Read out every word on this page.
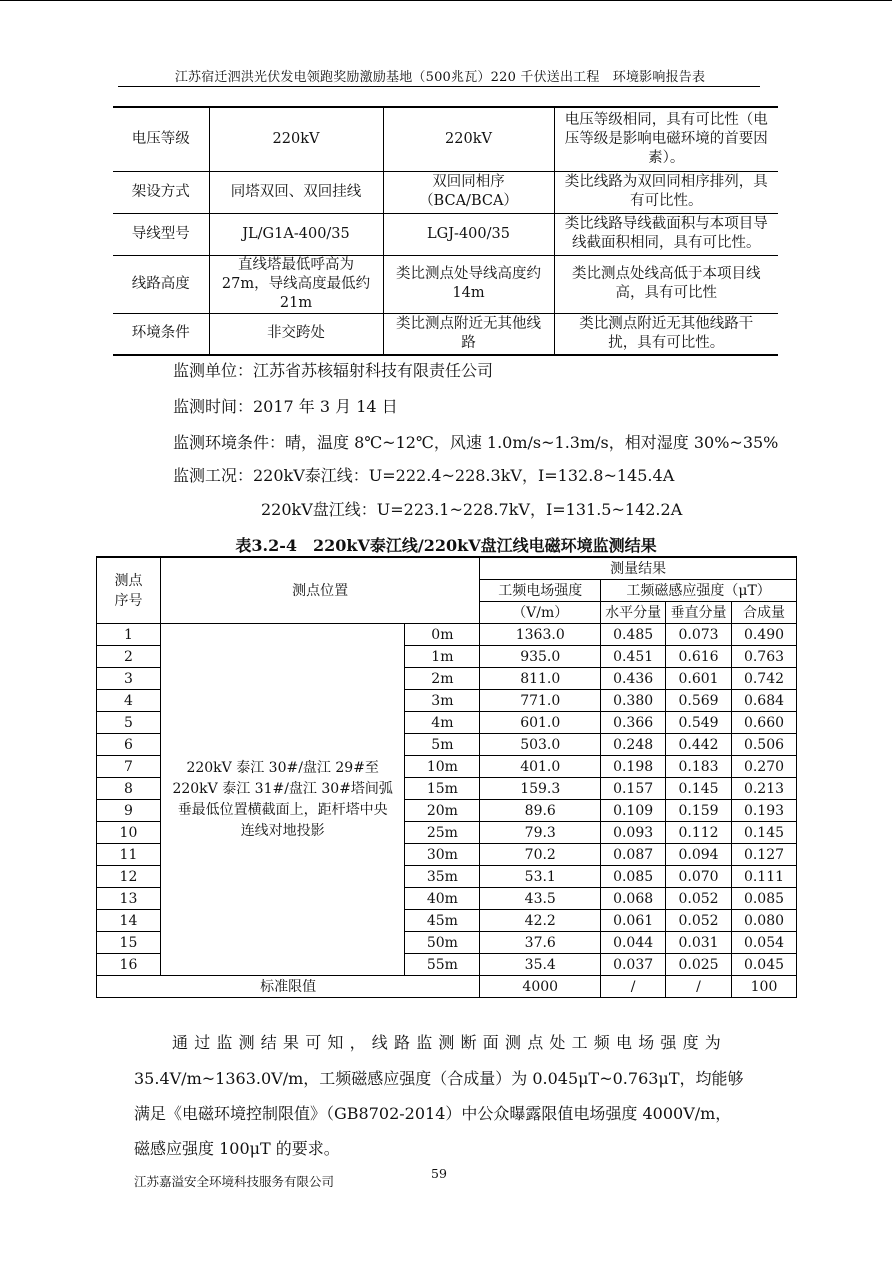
江苏宿迁泗洪光伏发电领跑奖励激励基地（500兆瓦）220 千伏送出工程　环境影响报告表
电压等级	220kV	220kV	电压等级相同，具有可比性（电压等级是影响电磁环境的首要因素）。
架设方式	同塔双回、双回挂线	双回同相序（BCA/BCA）	类比线路为双回同相序排列，具有可比性。
导线型号	JL/G1A-400/35	LGJ-400/35	类比线路导线截面积与本项目导线截面积相同，具有可比性。
线路高度	直线塔最低呼高为27m，导线高度最低约21m	类比测点处导线高度约 14m	类比测点处线高低于本项目线高，具有可比性
环境条件	非交跨处	类比测点附近无其他线路	类比测点附近无其他线路干扰，具有可比性。
监测单位：江苏省苏核辐射科技有限责任公司
监测时间：2017 年 3 月 14 日
监测环境条件：晴，温度 8℃~12℃，风速 1.0m/s~1.3m/s，相对湿度 30%~35%
监测工况：220kV泰江线：U=222.4~228.3kV，I=132.8~145.4A
220kV盘江线：U=223.1~228.7kV，I=131.5~142.2A
表3.2-4　220kV泰江线/220kV盘江线电磁环境监测结果
测点序号	测点位置		测量结果			
			工频电场强度	工频磁感应强度（μT）		
			（V/m）	水平分量	垂直分量	合成量
1	220kV 泰江 30#/盘江 29#至 220kV 泰江 31#/盘江 30#塔间弧垂最低位置横截面上，距杆塔中央连线对地投影	0m	1363.0	0.485	0.073	0.490
2		1m	935.0	0.451	0.616	0.763
3		2m	811.0	0.436	0.601	0.742
4		3m	771.0	0.380	0.569	0.684
5		4m	601.0	0.366	0.549	0.660
6		5m	503.0	0.248	0.442	0.506
7		10m	401.0	0.198	0.183	0.270
8		15m	159.3	0.157	0.145	0.213
9		20m	89.6	0.109	0.159	0.193
10		25m	79.3	0.093	0.112	0.145
11		30m	70.2	0.087	0.094	0.127
12		35m	53.1	0.085	0.070	0.111
13		40m	43.5	0.068	0.052	0.085
14		45m	42.2	0.061	0.052	0.080
15		50m	37.6	0.044	0.031	0.054
16		55m	35.4	0.037	0.025	0.045
标准限值			4000	/	/	100
通过监测结果可知，线路监测断面测点处工频电场强度为
35.4V/m~1363.0V/m，工频磁感应强度（合成量）为 0.045μT~0.763μT，均能够
满足《电磁环境控制限值》（GB8702-2014）中公众曝露限值电场强度 4000V/m，
磁感应强度 100μT 的要求。
江苏嘉溢安全环境科技服务有限公司
59
